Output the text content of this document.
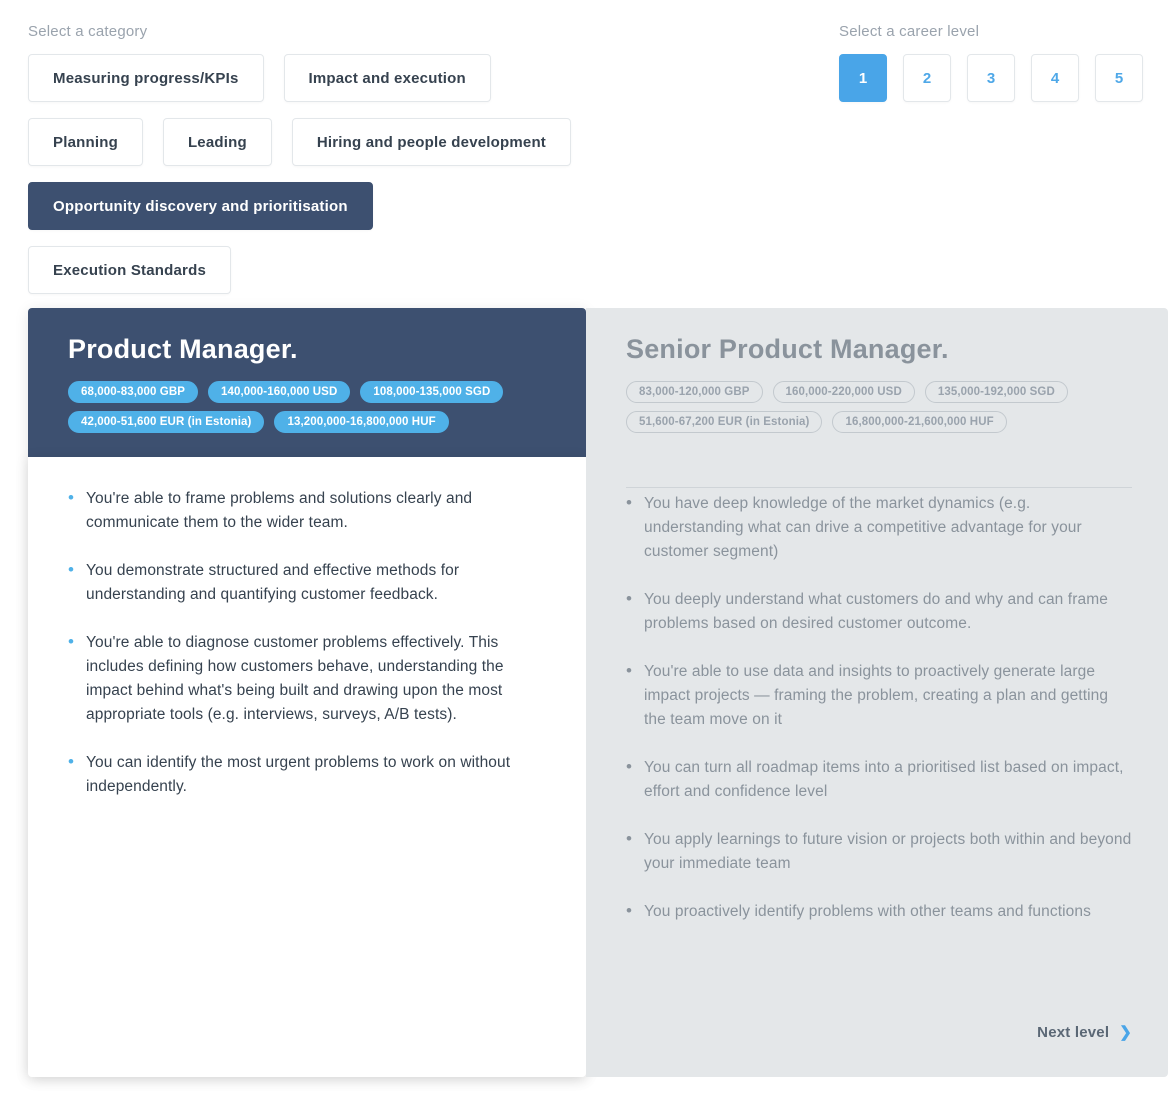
Select a category	Select a career level
Measuring progress/KPIs	Impact and execution
Planning	Leading	Hiring and people development
Opportunity discovery and prioritisation
Execution Standards
1	2	3	4	5
Product Manager.
68,000-83,000 GBP	140,000-160,000 USD	108,000-135,000 SGD
42,000-51,600 EUR (in Estonia)	13,200,000-16,800,000 HUF
• You're able to frame problems and solutions clearly and communicate them to the wider team.
• You demonstrate structured and effective methods for understanding and quantifying customer feedback.
• You're able to diagnose customer problems effectively. This includes defining how customers behave, understanding the impact behind what's being built and drawing upon the most appropriate tools (e.g. interviews, surveys, A/B tests).
• You can identify the most urgent problems to work on without independently.
Senior Product Manager.
83,000-120,000 GBP	160,000-220,000 USD	135,000-192,000 SGD
51,600-67,200 EUR (in Estonia)	16,800,000-21,600,000 HUF
• You have deep knowledge of the market dynamics (e.g. understanding what can drive a competitive advantage for your customer segment)
• You deeply understand what customers do and why and can frame problems based on desired customer outcome.
• You're able to use data and insights to proactively generate large impact projects — framing the problem, creating a plan and getting the team move on it
• You can turn all roadmap items into a prioritised list based on impact, effort and confidence level
• You apply learnings to future vision or projects both within and beyond your immediate team
• You proactively identify problems with other teams and functions
Next level ❯
